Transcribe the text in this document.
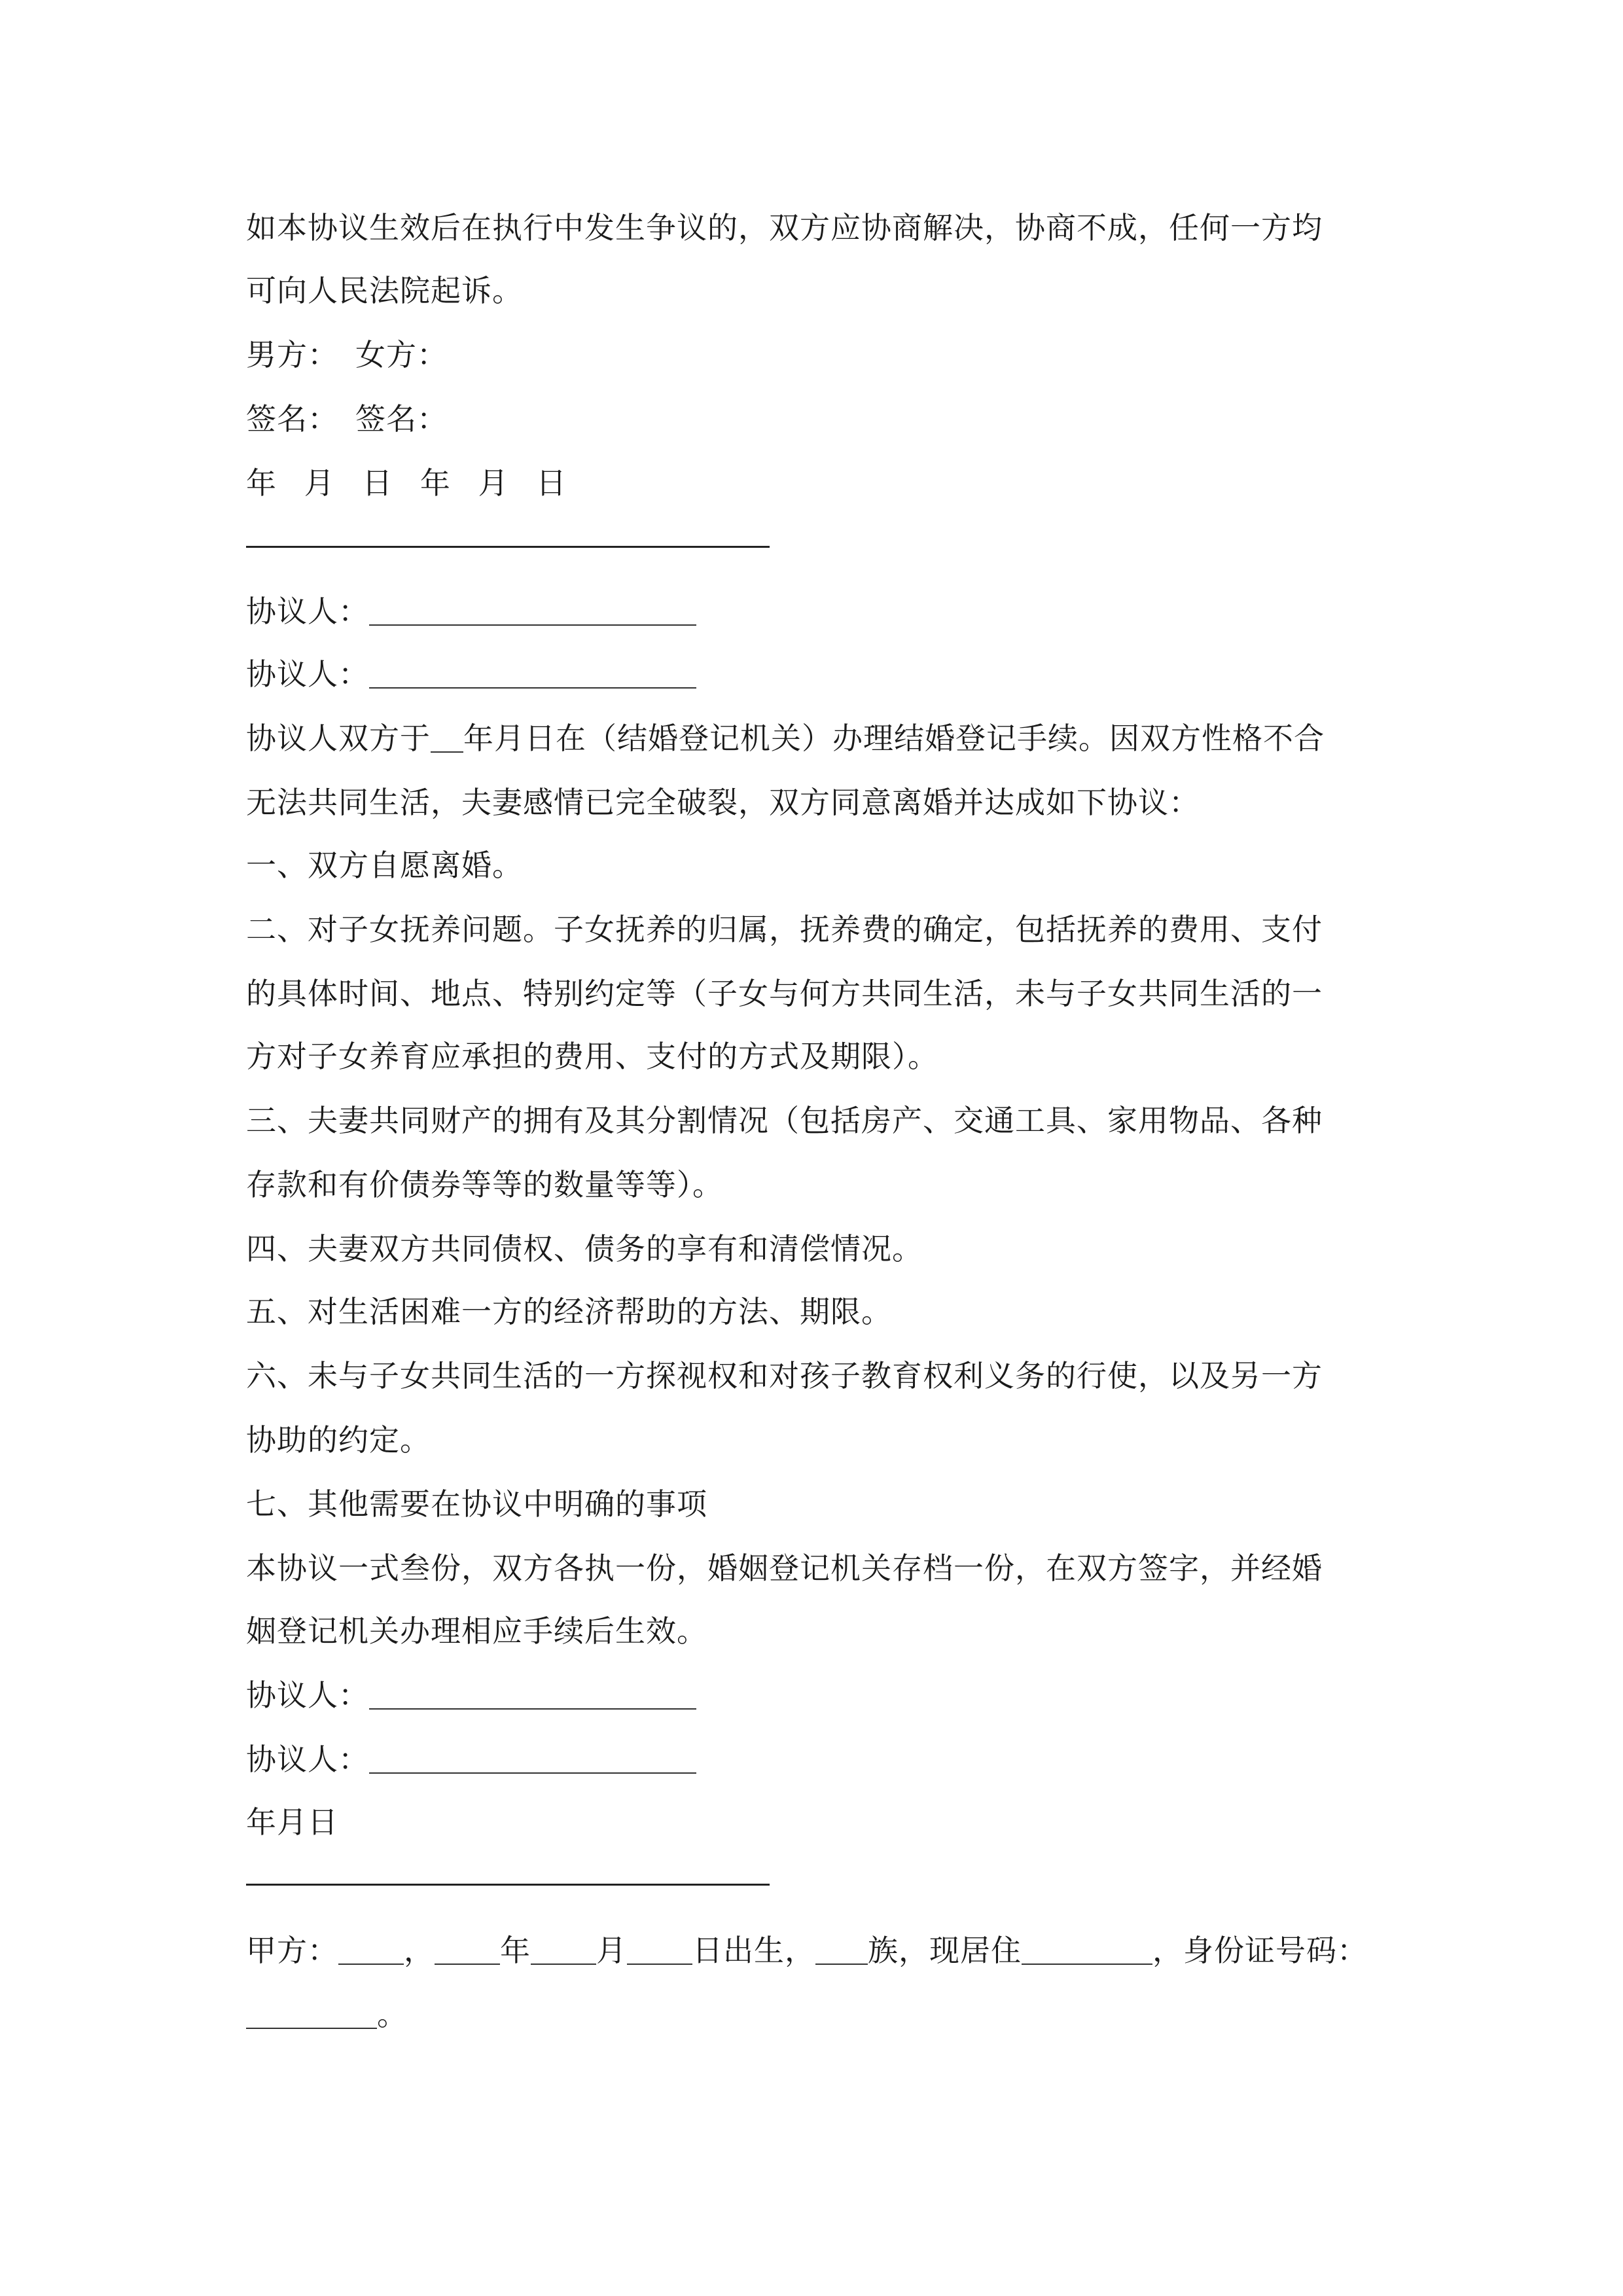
如本协议生效后在执行中发生争议的，双方应协商解决，协商不成，任何一方均
可向人民法院起诉。
男方： 女方：
签名： 签名：
年 月 日 年 月 日
协议人：
协议人：
协议人双方于 年月日在（结婚登记机关）办理结婚登记手续。因双方性格不合
无法共同生活，夫妻感情已完全破裂，双方同意离婚并达成如下协议：
一、双方自愿离婚。
二、对子女抚养问题。子女抚养的归属，抚养费的确定，包括抚养的费用、支付
的具体时间、地点、特别约定等（子女与何方共同生活，未与子女共同生活的一
方对子女养育应承担的费用、支付的方式及期限）。
三、夫妻共同财产的拥有及其分割情况（包括房产、交通工具、家用物品、各种
存款和有价债券等等的数量等等）。
四、夫妻双方共同债权、债务的享有和清偿情况。
五、对生活困难一方的经济帮助的方法、期限。
六、未与子女共同生活的一方探视权和对孩子教育权利义务的行使，以及另一方
协助的约定。
七、其他需要在协议中明确的事项
本协议一式叁份，双方各执一份，婚姻登记机关存档一份，在双方签字，并经婚
姻登记机关办理相应手续后生效。
协议人：
协议人：
年月日
甲方： ， 年 月 日出生， 族，现居住	，身份证号码：
。
